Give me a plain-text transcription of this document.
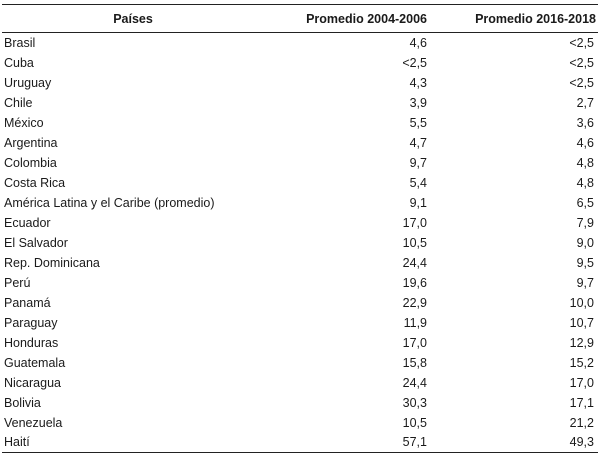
Países	Promedio 2004-2006	Promedio 2016-2018
Brasil	4,6	<2,5
Cuba	<2,5	<2,5
Uruguay	4,3	<2,5
Chile	3,9	2,7
México	5,5	3,6
Argentina	4,7	4,6
Colombia	9,7	4,8
Costa Rica	5,4	4,8
América Latina y el Caribe (promedio)	9,1	6,5
Ecuador	17,0	7,9
El Salvador	10,5	9,0
Rep. Dominicana	24,4	9,5
Perú	19,6	9,7
Panamá	22,9	10,0
Paraguay	11,9	10,7
Honduras	17,0	12,9
Guatemala	15,8	15,2
Nicaragua	24,4	17,0
Bolivia	30,3	17,1
Venezuela	10,5	21,2
Haití	57,1	49,3
